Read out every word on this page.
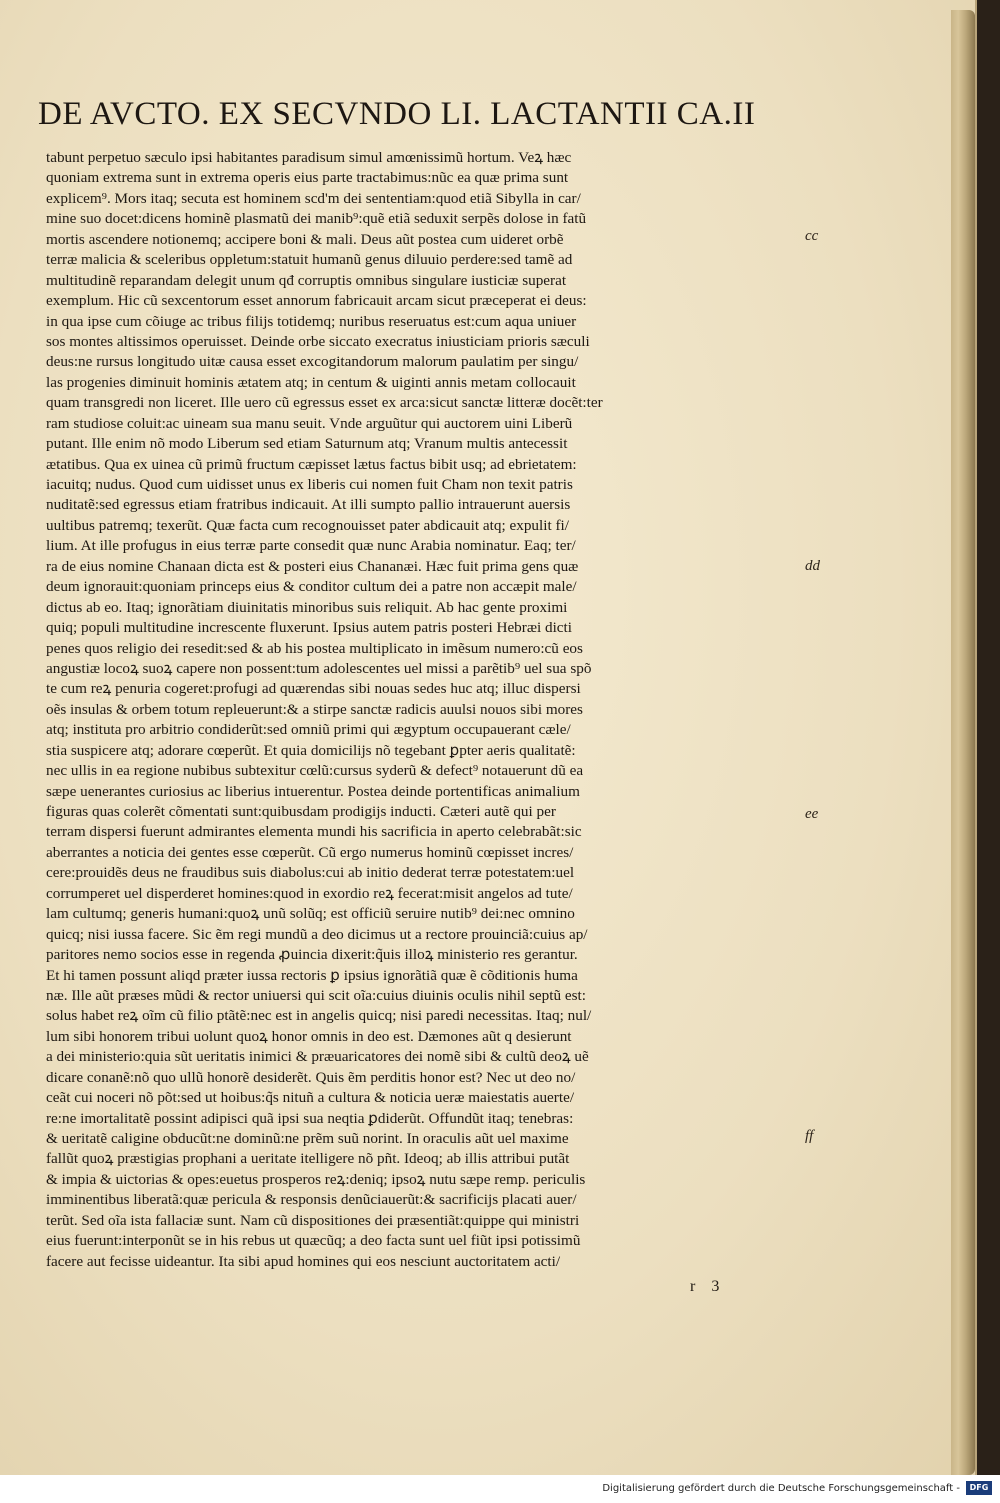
DE AVCTO. EX SECVNDO LI. LACTANTII CA.II
tabunt perpetuo sæculo ipsi habitantes paradisum simul amœnissimũ hortum. Veꝝ hæc
quoniam extrema sunt in extrema operis eius parte tractabimus:nũc ea quæ prima sunt
explicem⁹. Mors itaq; secuta est hominem scd'm dei sententiam:quod etiã Sibylla in car/
mine suo docet:dicens hominẽ plasmatũ dei manib⁹:quẽ etiã seduxit serpẽs dolose in fatũ
mortis ascendere notionemq; accipere boni & mali. Deus aũt postea cum uideret orbẽ
terræ malicia & sceleribus oppletum:statuit humanũ genus diluuio perdere:sed tamẽ ad
multitudinẽ reparandam delegit unum qđ corruptis omnibus singulare iusticiæ superat
exemplum. Hic cũ sexcentorum esset annorum fabricauit arcam sicut præceperat ei deus:
in qua ipse cum cõiuge ac tribus filijs totidemq; nuribus reseruatus est:cum aqua uniuer
sos montes altissimos operuisset. Deinde orbe siccato execratus iniusticiam prioris sæculi
deus:ne rursus longitudo uitæ causa esset excogitandorum malorum paulatim per singu/
las progenies diminuit hominis ætatem atq; in centum & uiginti annis metam collocauit
quam transgredi non liceret. Ille uero cũ egressus esset ex arca:sicut sanctæ litteræ docẽt:ter
ram studiose coluit:ac uineam sua manu seuit. Vnde arguũtur qui auctorem uini Liberũ
putant. Ille enim nõ modo Liberum sed etiam Saturnum atq; Vranum multis antecessit
ætatibus. Qua ex uinea cũ primũ fructum cæpisset lætus factus bibit usq; ad ebrietatem:
iacuitq; nudus. Quod cum uidisset unus ex liberis cui nomen fuit Cham non texit patris
nuditatẽ:sed egressus etiam fratribus indicauit. At illi sumpto pallio intrauerunt auersis
uultibus patremq; texerũt. Quæ facta cum recognouisset pater abdicauit atq; expulit fi/
lium. At ille profugus in eius terræ parte consedit quæ nunc Arabia nominatur. Eaq; ter/
ra de eius nomine Chanaan dicta est & posteri eius Chananæi. Hæc fuit prima gens quæ
deum ignorauit:quoniam princeps eius & conditor cultum dei a patre non accæpit male/
dictus ab eo. Itaq; ignorãtiam diuinitatis minoribus suis reliquit. Ab hac gente proximi
quiq; populi multitudine increscente fluxerunt. Ipsius autem patris posteri Hebræi dicti
penes quos religio dei resedit:sed & ab his postea multiplicato in imẽsum numero:cũ eos
angustiæ locoꝝ suoꝝ capere non possent:tum adolescentes uel missi a parẽtib⁹ uel sua spõ
te cum reꝝ penuria cogeret:profugi ad quærendas sibi nouas sedes huc atq; illuc dispersi
oẽs insulas & orbem totum repleuerunt:& a stirpe sanctæ radicis auulsi nouos sibi mores
atq; instituta pro arbitrio condiderũt:sed omniũ primi qui ægyptum occupauerant cæle/
stia suspicere atq; adorare cœperũt. Et quia domicilijs nõ tegebant ꝑpter aeris qualitatẽ:
nec ullis in ea regione nubibus subtexitur cœlũ:cursus syderũ & defect⁹ notauerunt dũ ea
sæpe uenerantes curiosius ac liberius intuerentur. Postea deinde portentificas animalium
figuras quas colerẽt cõmentati sunt:quibusdam prodigijs inducti. Cæteri autẽ qui per
terram dispersi fuerunt admirantes elementa mundi his sacrificia in aperto celebrabãt:sic
aberrantes a noticia dei gentes esse cœperũt. Cũ ergo numerus hominũ cœpisset incres/
cere:prouidẽs deus ne fraudibus suis diabolus:cui ab initio dederat terræ potestatem:uel
corrumperet uel disperderet homines:quod in exordio reꝝ fecerat:misit angelos ad tute/
lam cultumq; generis humani:quoꝝ unũ solũq; est officiũ seruire nutib⁹ dei:nec omnino
quicq; nisi iussa facere. Sic ẽm regi mundũ a deo dicimus ut a rectore prouinciã:cuius ap/
paritores nemo socios esse in regenda ꝓuincia dixerit:q̃uis illoꝝ ministerio res gerantur.
Et hi tamen possunt aliqd præter iussa rectoris ꝑ ipsius ignorãtiã quæ ẽ cõditionis huma
næ. Ille aũt præses mũdi & rector uniuersi qui scit oĩa:cuius diuinis oculis nihil septũ est:
solus habet reꝝ oĩm cũ filio ptãtẽ:nec est in angelis quicq; nisi paredi necessitas. Itaq; nul/
lum sibi honorem tribui uolunt quoꝝ honor omnis in deo est. Dæmones aũt q desierunt
a dei ministerio:quia sũt ueritatis inimici & præuaricatores dei nomẽ sibi & cultũ deoꝝ uẽ
dicare conanẽ:nõ quo ullũ honorẽ desiderẽt. Quis ẽm perditis honor est? Nec ut deo no/
ceãt cui noceri nõ põt:sed ut hoibus:q̃s nituñ a cultura & noticia ueræ maiestatis auerte/
re:ne imortalitatẽ possint adipisci quã ipsi sua neqtia ꝑdiderũt. Offundũt itaq; tenebras:
& ueritatẽ caligine obducũt:ne dominũ:ne prẽm suũ norint. In oraculis aũt uel maxime
fallũt quoꝝ præstigias prophani a ueritate itelligere nõ pñt. Ideoq; ab illis attribui putãt
& impia & uictorias & opes:euetus prosperos reꝝ:deniq; ipsoꝝ nutu sæpe remp. periculis
imminentibus liberatã:quæ pericula & responsis denũciauerũt:& sacrificijs placati auer/
terũt. Sed oĩa ista fallaciæ sunt. Nam cũ dispositiones dei præsentiãt:quippe qui ministri
eius fuerunt:interponũt se in his rebus ut quæcũq; a deo facta sunt uel fiũt ipsi potissimũ
facere aut fecisse uideantur. Ita sibi apud homines qui eos nesciunt auctoritatem acti/
cc
dd
ee
ff
r 3
Digitalisierung gefördert durch die Deutsche Forschungsgemeinschaft -	DFG
